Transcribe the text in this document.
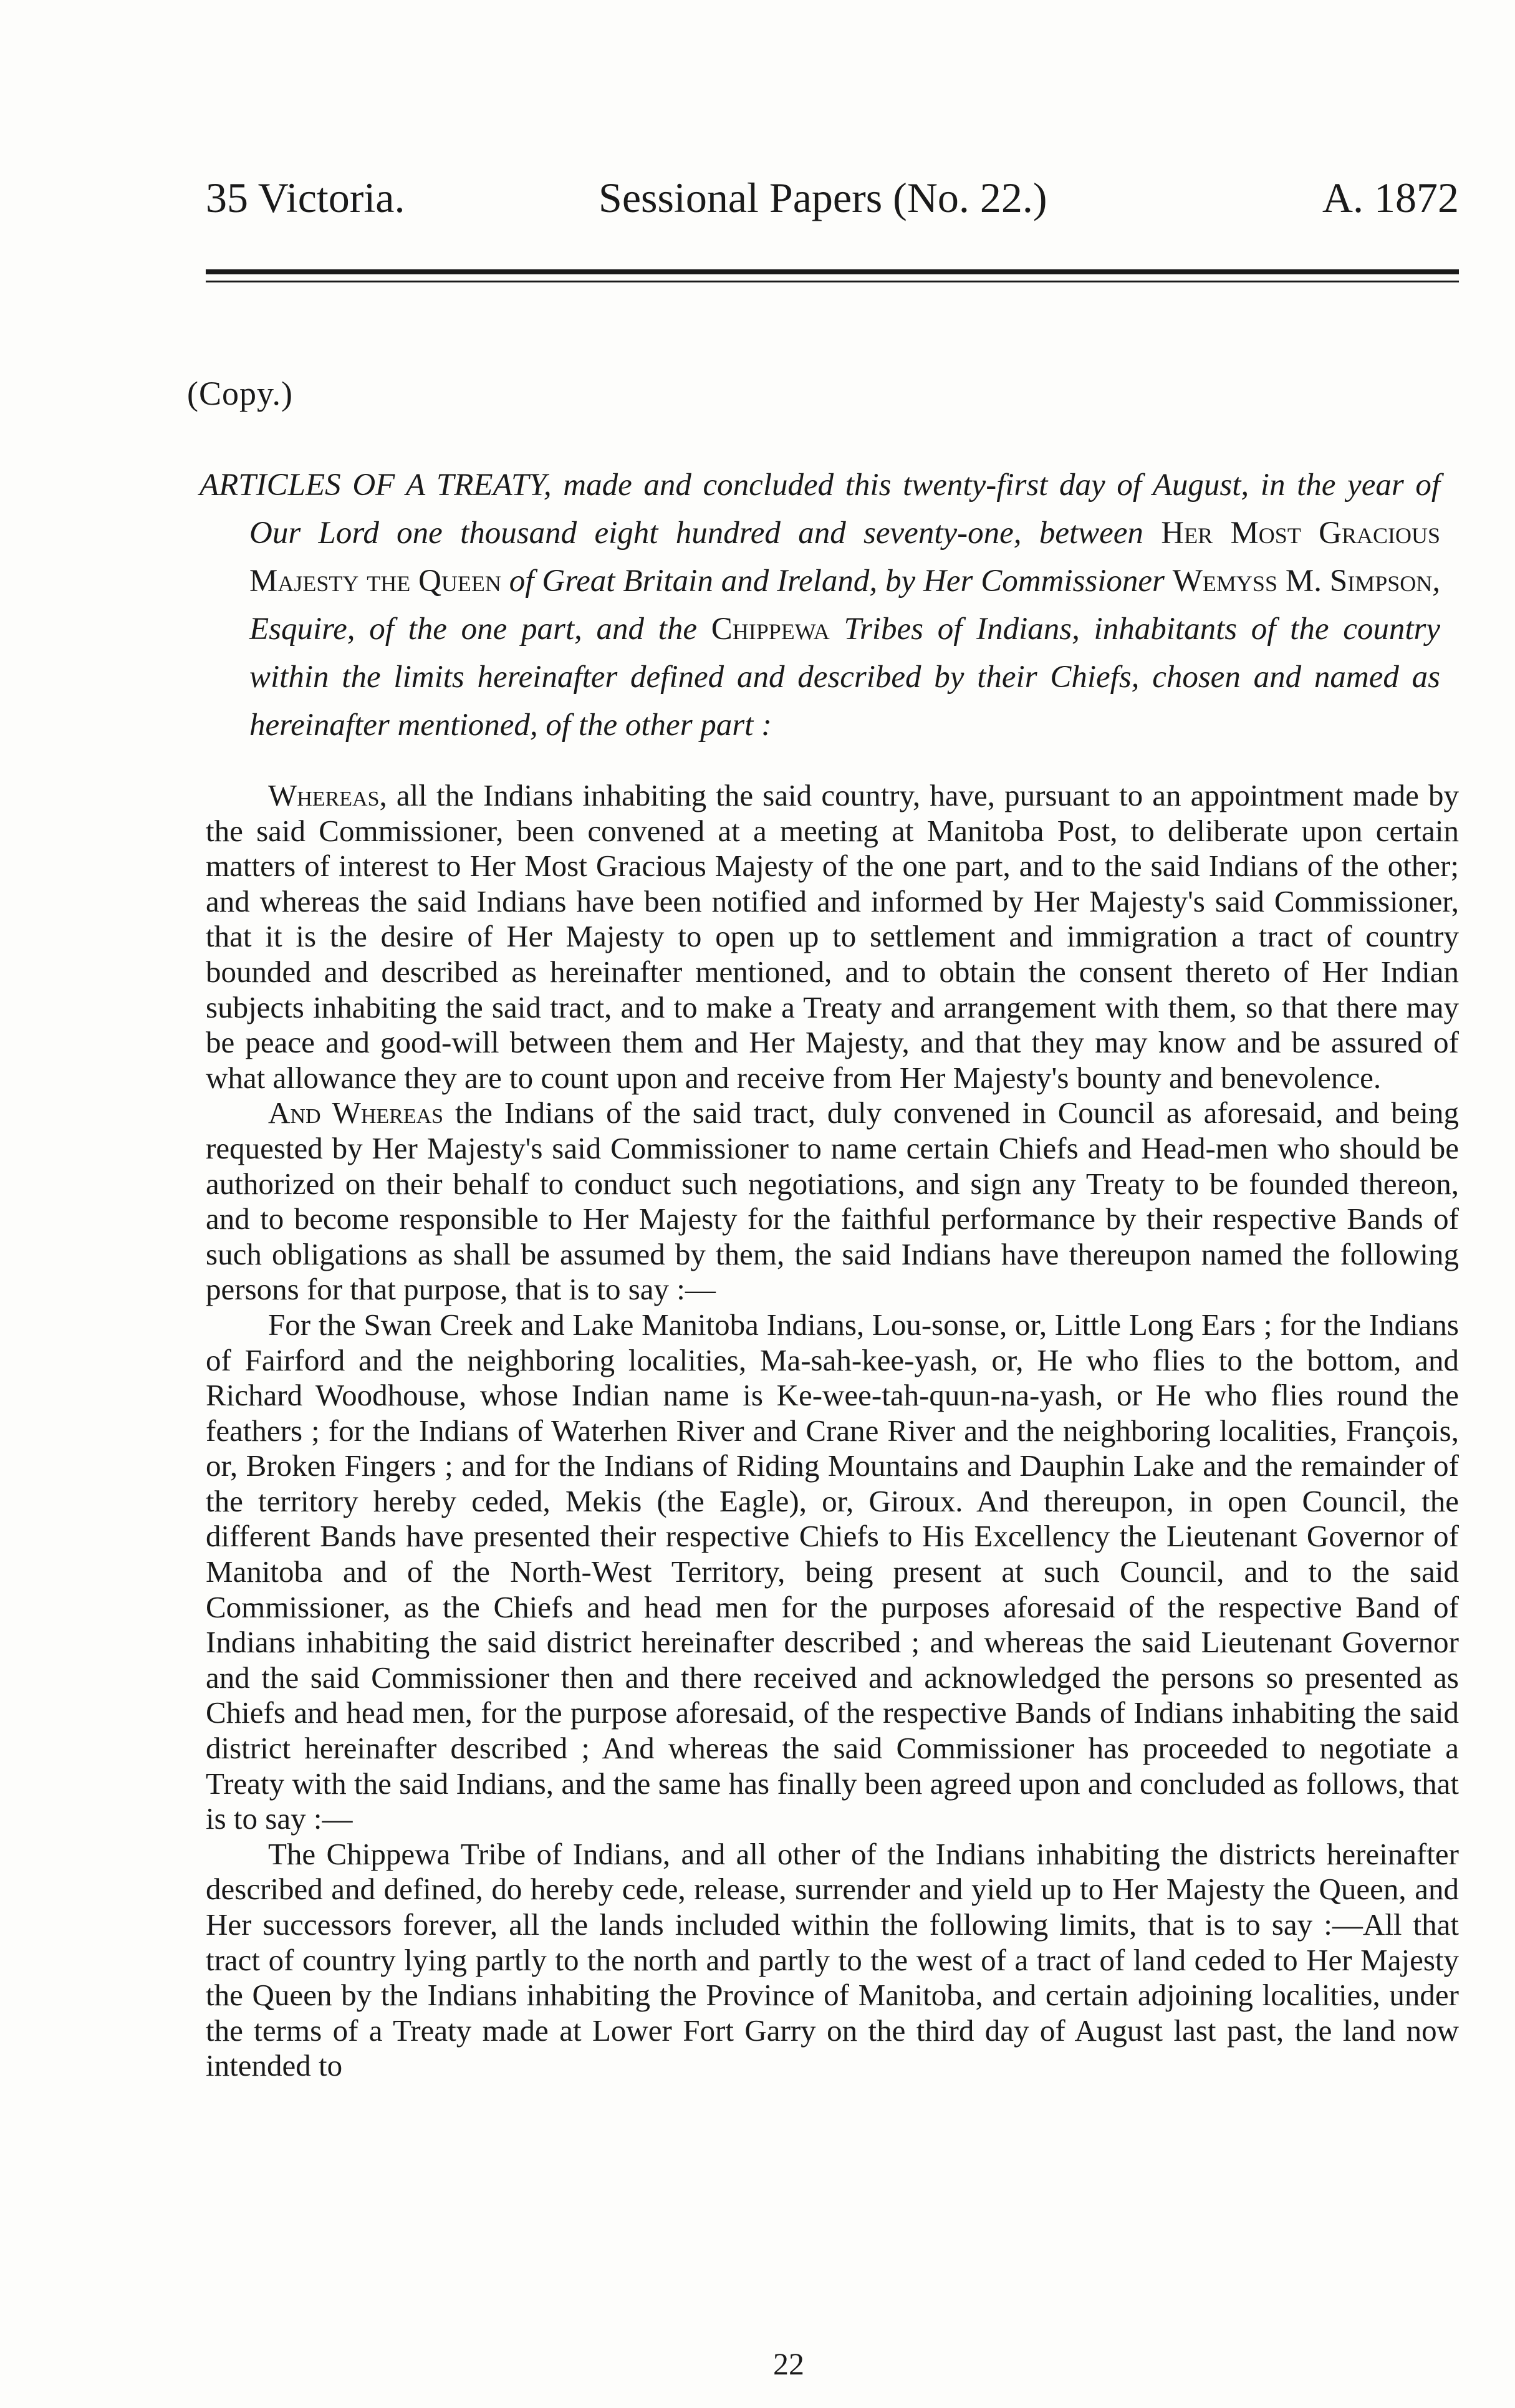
35 Victoria.	Sessional Papers (No. 22.)	A. 1872
(Copy.)
ARTICLES OF A TREATY, made and concluded this twenty-first day of August, in the year of Our Lord one thousand eight hundred and seventy-one, between Her Most Gracious Majesty the Queen of Great Britain and Ireland, by Her Commissioner Wemyss M. Simpson, Esquire, of the one part, and the Chippewa Tribes of Indians, inhabitants of the country within the limits hereinafter defined and described by their Chiefs, chosen and named as hereinafter mentioned, of the other part :

Whereas, all the Indians inhabiting the said country, have, pursuant to an appointment made by the said Commissioner, been convened at a meeting at Manitoba Post, to deliberate upon certain matters of interest to Her Most Gracious Majesty of the one part, and to the said Indians of the other; and whereas the said Indians have been notified and informed by Her Majesty's said Commissioner, that it is the desire of Her Majesty to open up to settlement and immigration a tract of country bounded and described as hereinafter mentioned, and to obtain the consent thereto of Her Indian subjects inhabiting the said tract, and to make a Treaty and arrangement with them, so that there may be peace and good-will between them and Her Majesty, and that they may know and be assured of what allowance they are to count upon and receive from Her Majesty's bounty and benevolence.

And Whereas the Indians of the said tract, duly convened in Council as aforesaid, and being requested by Her Majesty's said Commissioner to name certain Chiefs and Head-men who should be authorized on their behalf to conduct such negotiations, and sign any Treaty to be founded thereon, and to become responsible to Her Majesty for the faithful performance by their respective Bands of such obligations as shall be assumed by them, the said Indians have thereupon named the following persons for that purpose, that is to say :—

For the Swan Creek and Lake Manitoba Indians, Lou-sonse, or, Little Long Ears ; for the Indians of Fairford and the neighboring localities, Ma-sah-kee-yash, or, He who flies to the bottom, and Richard Woodhouse, whose Indian name is Ke-wee-tah-quun-na-yash, or He who flies round the feathers ; for the Indians of Waterhen River and Crane River and the neighboring localities, François, or, Broken Fingers ; and for the Indians of Riding Mountains and Dauphin Lake and the remainder of the territory hereby ceded, Mekis (the Eagle), or, Giroux. And thereupon, in open Council, the different Bands have presented their respective Chiefs to His Excellency the Lieutenant Governor of Manitoba and of the North-West Territory, being present at such Council, and to the said Commissioner, as the Chiefs and head men for the purposes aforesaid of the respective Band of Indians inhabiting the said district hereinafter described ; and whereas the said Lieutenant Governor and the said Commissioner then and there received and acknowledged the persons so presented as Chiefs and head men, for the purpose aforesaid, of the respective Bands of Indians inhabiting the said district hereinafter described ; And whereas the said Commissioner has proceeded to negotiate a Treaty with the said Indians, and the same has finally been agreed upon and concluded as follows, that is to say :—

The Chippewa Tribe of Indians, and all other of the Indians inhabiting the districts hereinafter described and defined, do hereby cede, release, surrender and yield up to Her Majesty the Queen, and Her successors forever, all the lands included within the following limits, that is to say :—All that tract of country lying partly to the north and partly to the west of a tract of land ceded to Her Majesty the Queen by the Indians inhabiting the Province of Manitoba, and certain adjoining localities, under the terms of a Treaty made at Lower Fort Garry on the third day of August last past, the land now intended to

22
